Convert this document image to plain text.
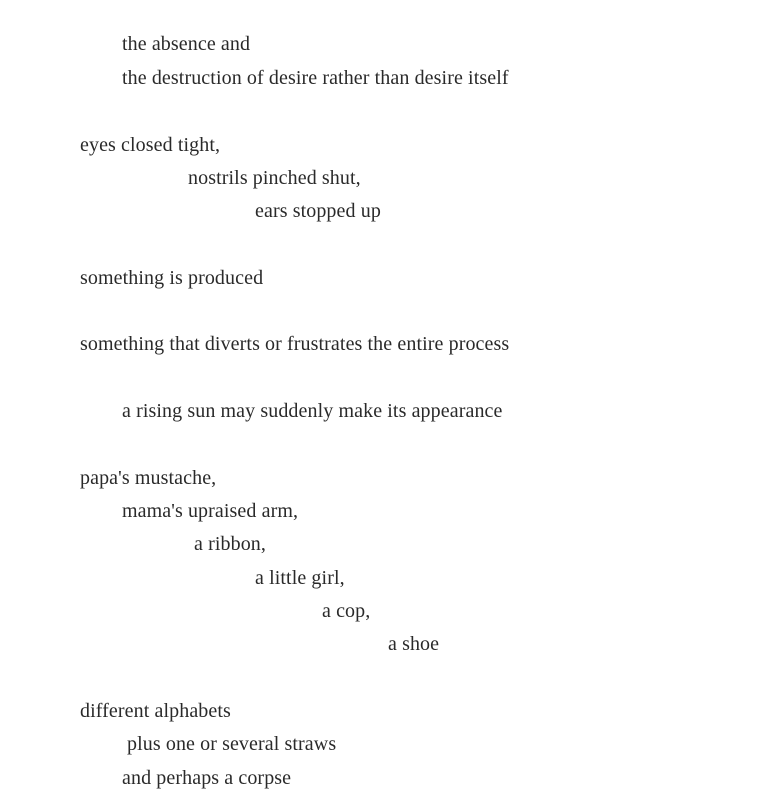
the absence and
the destruction of desire rather than desire itself
eyes closed tight,
nostrils pinched shut,
ears stopped up
something is produced
something that diverts or frustrates the entire process
a rising sun may suddenly make its appearance
papa's mustache,
mama's upraised arm,
a ribbon,
a little girl,
a cop,
a shoe
different alphabets
plus one or several straws
and perhaps a corpse
